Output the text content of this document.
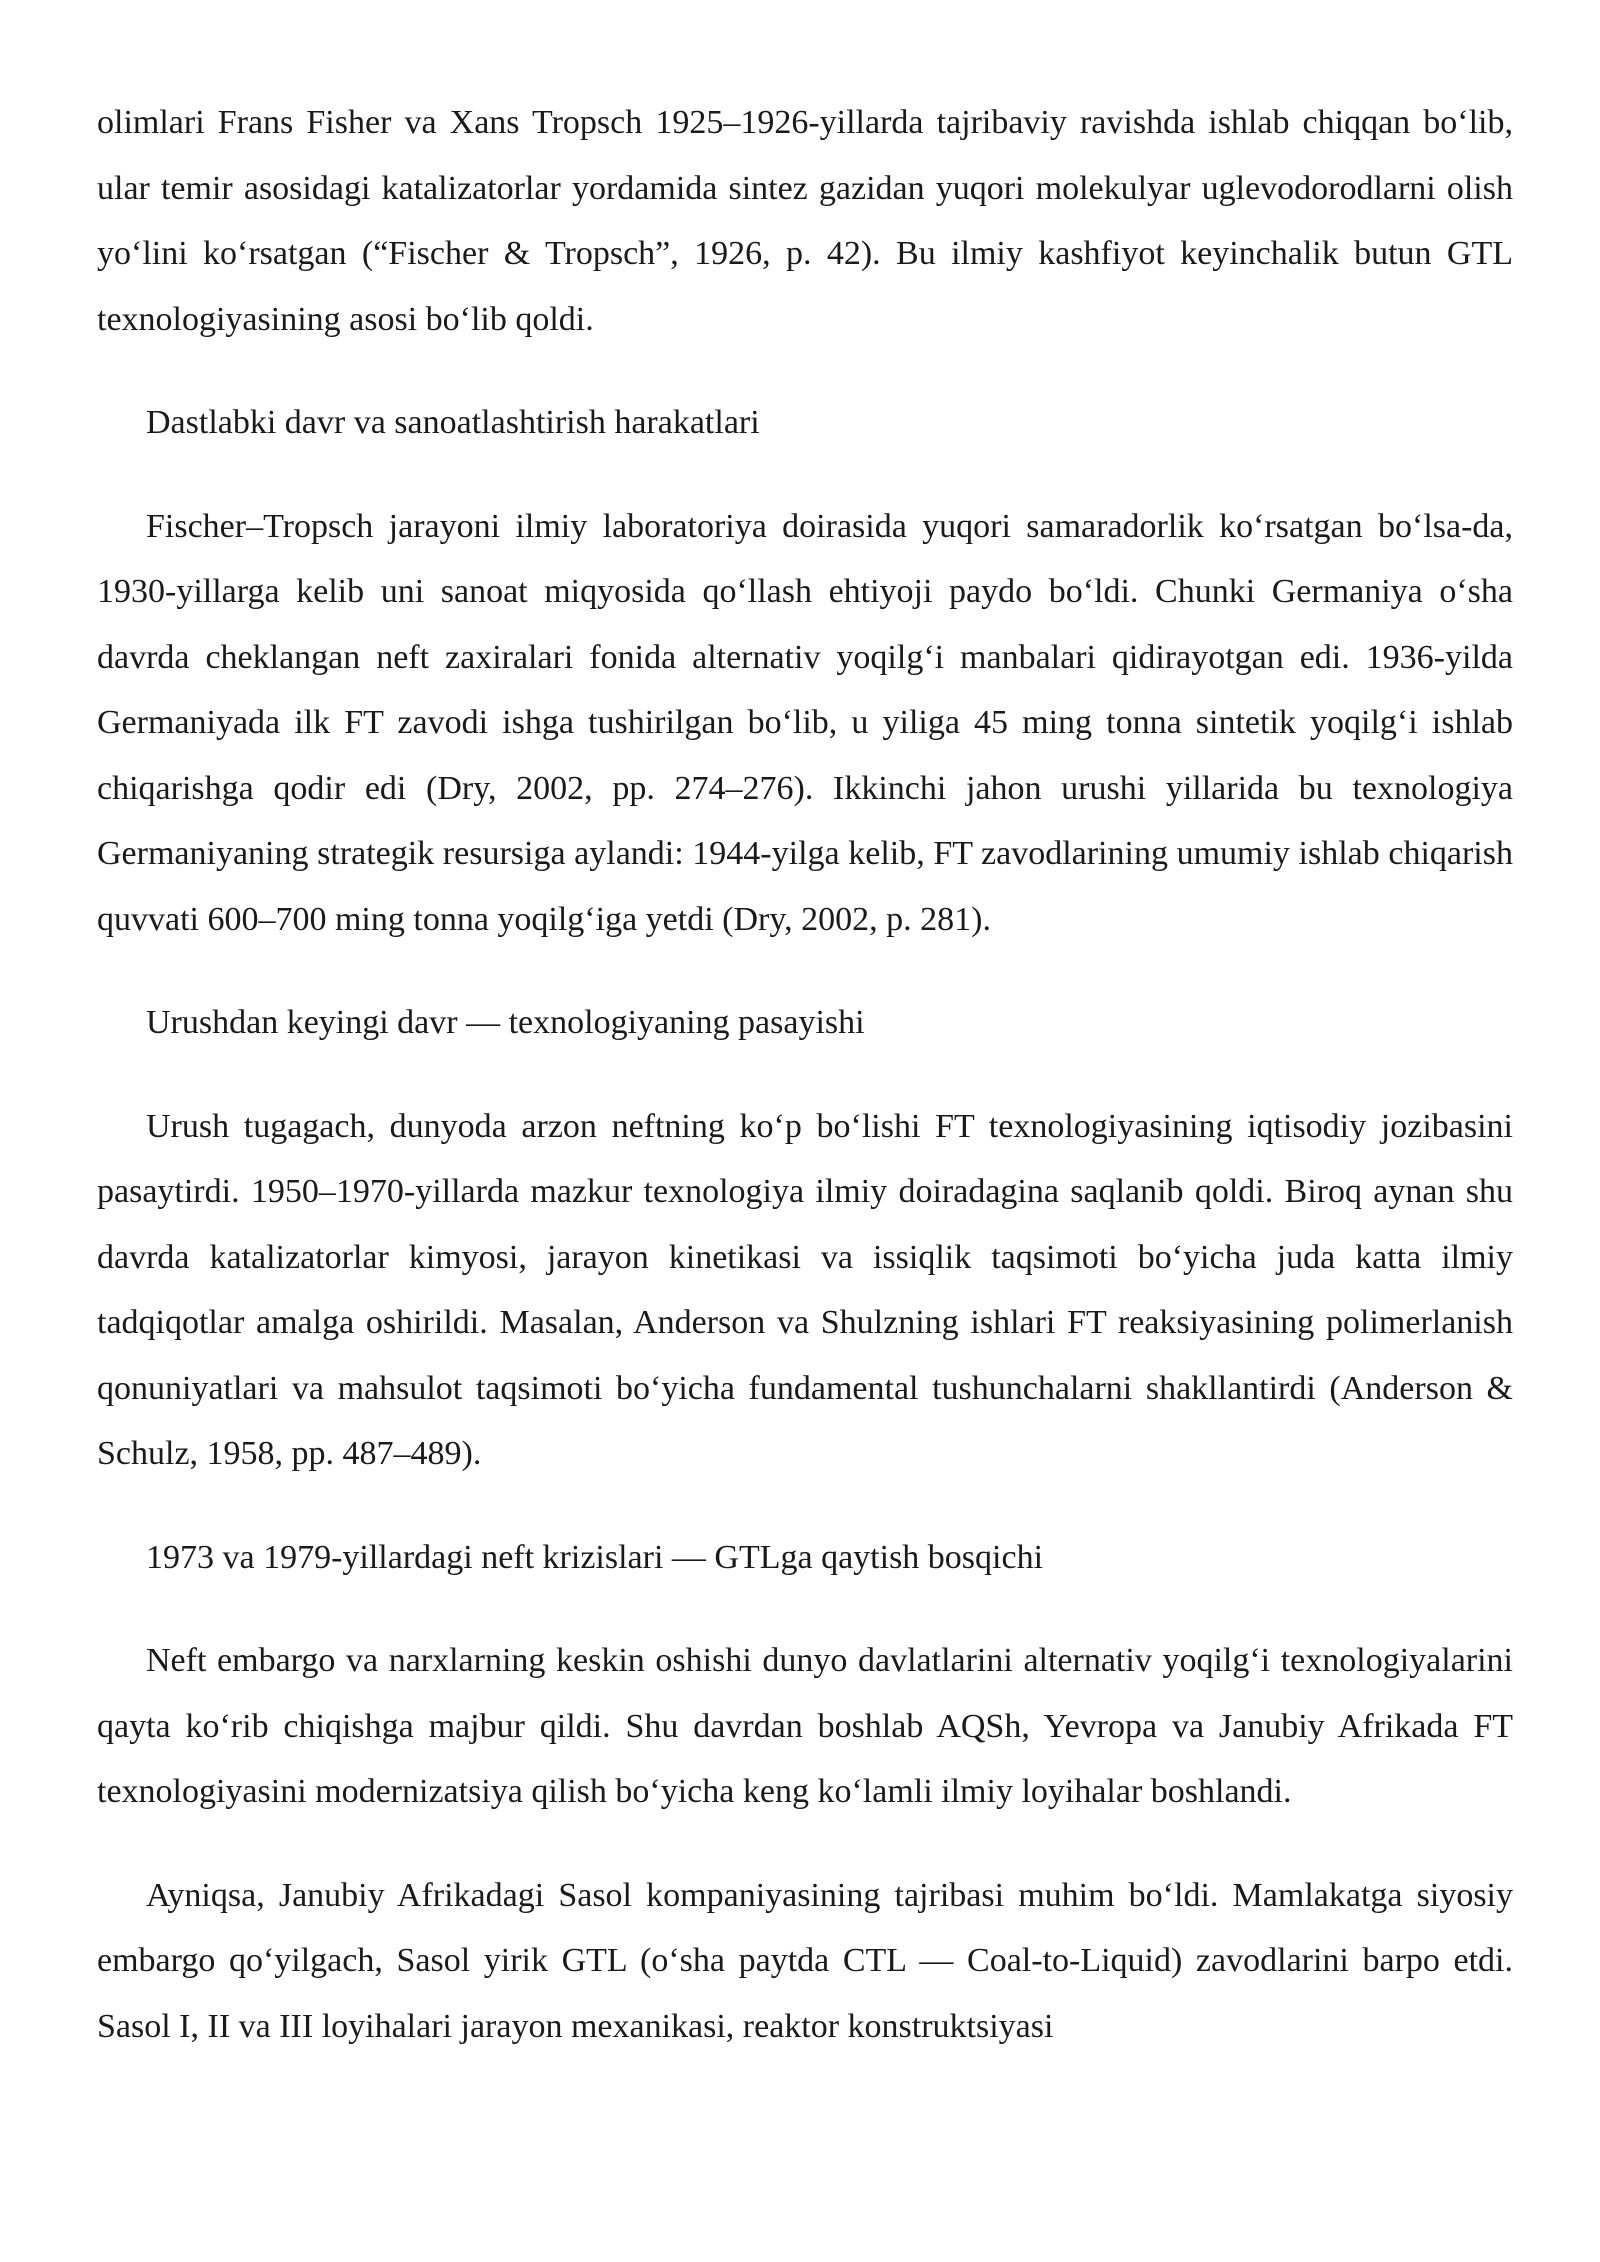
olimlari Frans Fisher va Xans Tropsch 1925–1926-yillarda tajribaviy ravishda ishlab chiqqan bo‘lib, ular temir asosidagi katalizatorlar yordamida sintez gazidan yuqori molekulyar uglevodorodlarni olish yo‘lini ko‘rsatgan (“Fischer & Tropsch”, 1926, p. 42). Bu ilmiy kashfiyot keyinchalik butun GTL texnologiyasining asosi bo‘lib qoldi.

Dastlabki davr va sanoatlashtirish harakatlari

Fischer–Tropsch jarayoni ilmiy laboratoriya doirasida yuqori samaradorlik ko‘rsatgan bo‘lsa-da, 1930-yillarga kelib uni sanoat miqyosida qo‘llash ehtiyoji paydo bo‘ldi. Chunki Germaniya o‘sha davrda cheklangan neft zaxiralari fonida alternativ yoqilg‘i manbalari qidirayotgan edi. 1936-yilda Germaniyada ilk FT zavodi ishga tushirilgan bo‘lib, u yiliga 45 ming tonna sintetik yoqilg‘i ishlab chiqarishga qodir edi (Dry, 2002, pp. 274–276). Ikkinchi jahon urushi yillarida bu texnologiya Germaniyaning strategik resursiga aylandi: 1944-yilga kelib, FT zavodlarining umumiy ishlab chiqarish quvvati 600–700 ming tonna yoqilg‘iga yetdi (Dry, 2002, p. 281).

Urushdan keyingi davr — texnologiyaning pasayishi

Urush tugagach, dunyoda arzon neftning ko‘p bo‘lishi FT texnologiyasining iqtisodiy jozibasini pasaytirdi. 1950–1970-yillarda mazkur texnologiya ilmiy doiradagina saqlanib qoldi. Biroq aynan shu davrda katalizatorlar kimyosi, jarayon kinetikasi va issiqlik taqsimoti bo‘yicha juda katta ilmiy tadqiqotlar amalga oshirildi. Masalan, Anderson va Shulzning ishlari FT reaksiyasining polimerlanish qonuniyatlari va mahsulot taqsimoti bo‘yicha fundamental tushunchalarni shakllantirdi (Anderson & Schulz, 1958, pp. 487–489).

1973 va 1979-yillardagi neft krizislari — GTLga qaytish bosqichi

Neft embargo va narxlarning keskin oshishi dunyo davlatlarini alternativ yoqilg‘i texnologiyalarini qayta ko‘rib chiqishga majbur qildi. Shu davrdan boshlab AQSh, Yevropa va Janubiy Afrikada FT texnologiyasini modernizatsiya qilish bo‘yicha keng ko‘lamli ilmiy loyihalar boshlandi.

Ayniqsa, Janubiy Afrikadagi Sasol kompaniyasining tajribasi muhim bo‘ldi. Mamlakatga siyosiy embargo qo‘yilgach, Sasol yirik GTL (o‘sha paytda CTL — Coal-to-Liquid) zavodlarini barpo etdi. Sasol I, II va III loyihalari jarayon mexanikasi, reaktor konstruktsiyasi
